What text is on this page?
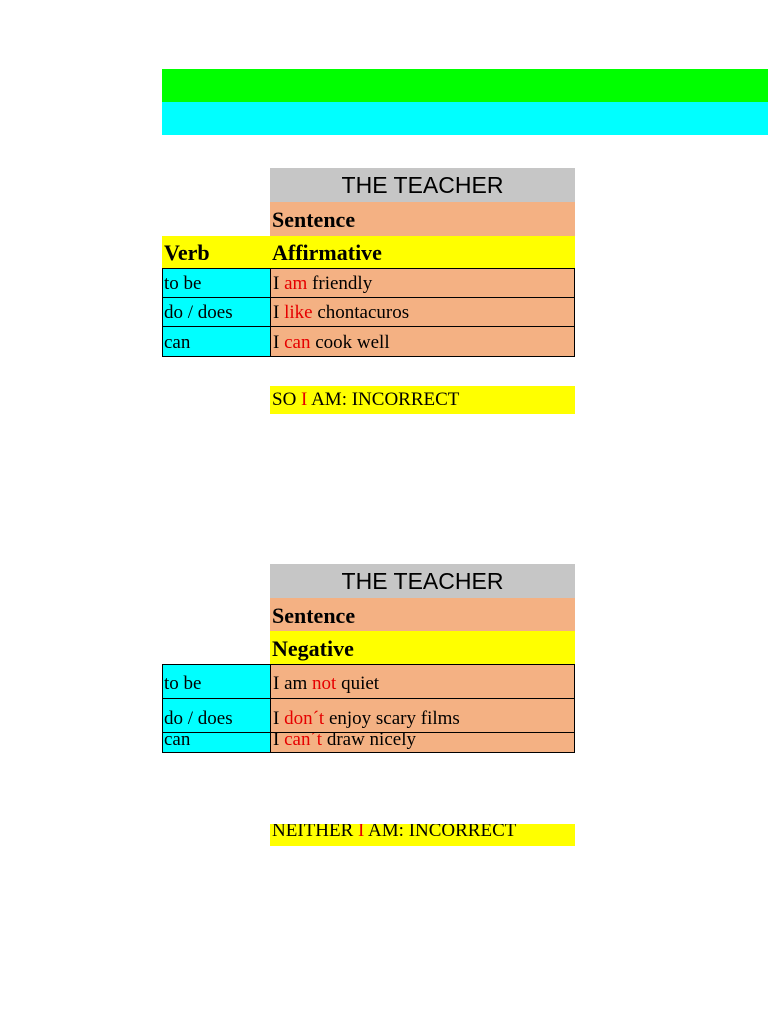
THE TEACHER
Sentence
Verb	Affirmative
to be	I am friendly
do / does	I like chontacuros
can	I can cook well
SO I AM: INCORRECT
THE TEACHER
Sentence
Negative
to be	I am not quiet
do / does	I don´t enjoy scary films
can	I can´t draw nicely
NEITHER I AM: INCORRECT
